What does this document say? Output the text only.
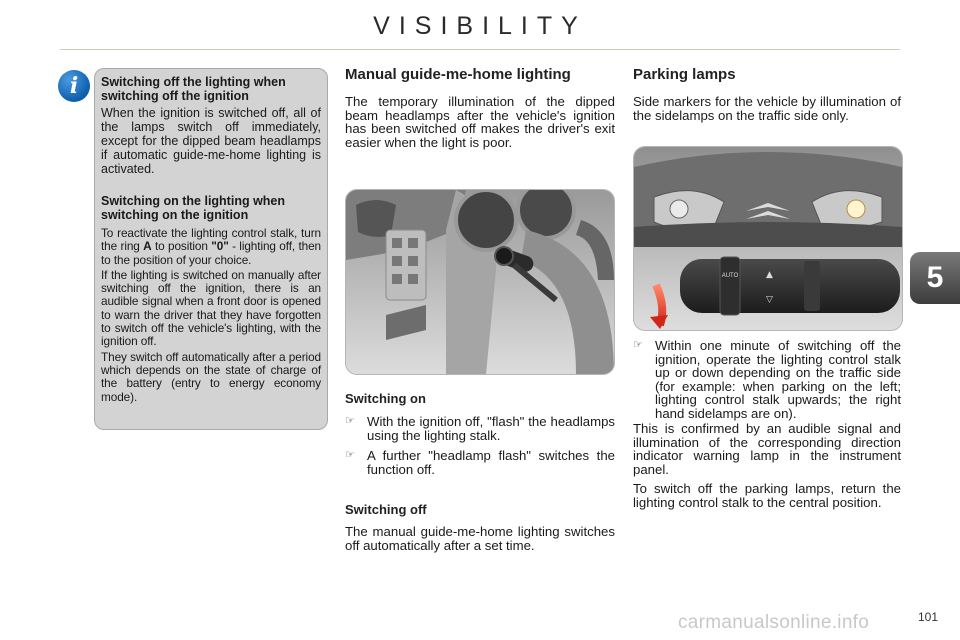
VISIBILITY
i	Switching off the lighting when switching off the ignition

When the ignition is switched off, all of the lamps switch off immediately, except for the dipped beam headlamps if automatic guide-me-home lighting is activated.

Switching on the lighting when switching on the ignition

To reactivate the lighting control stalk, turn the ring A to position "0" - lighting off, then to the position of your choice.

If the lighting is switched on manually after switching off the ignition, there is an audible signal when a front door is opened to warn the driver that they have forgotten to switch off the vehicle's lighting, with the ignition off.

They switch off automatically after a period which depends on the state of charge of the battery (entry to energy economy mode).

Manual guide-me-home lighting

The temporary illumination of the dipped beam headlamps after the vehicle's ignition has been switched off makes the driver's exit easier when the light is poor.

Switching on

☞ With the ignition off, "flash" the headlamps using the lighting stalk.

☞ A further "headlamp flash" switches the function off.

Switching off

The manual guide-me-home lighting switches off automatically after a set time.

Parking lamps

Side markers for the vehicle by illumination of the sidelamps on the traffic side only.

AUTO	▲
▽

☞ Within one minute of switching off the ignition, operate the lighting control stalk up or down depending on the traffic side (for example: when parking on the left; lighting control stalk upwards; the right hand sidelamps are on).

This is confirmed by an audible signal and illumination of the corresponding direction indicator warning lamp in the instrument panel.

To switch off the parking lamps, return the lighting control stalk to the central position.

5
carmanualsonline.info	101
